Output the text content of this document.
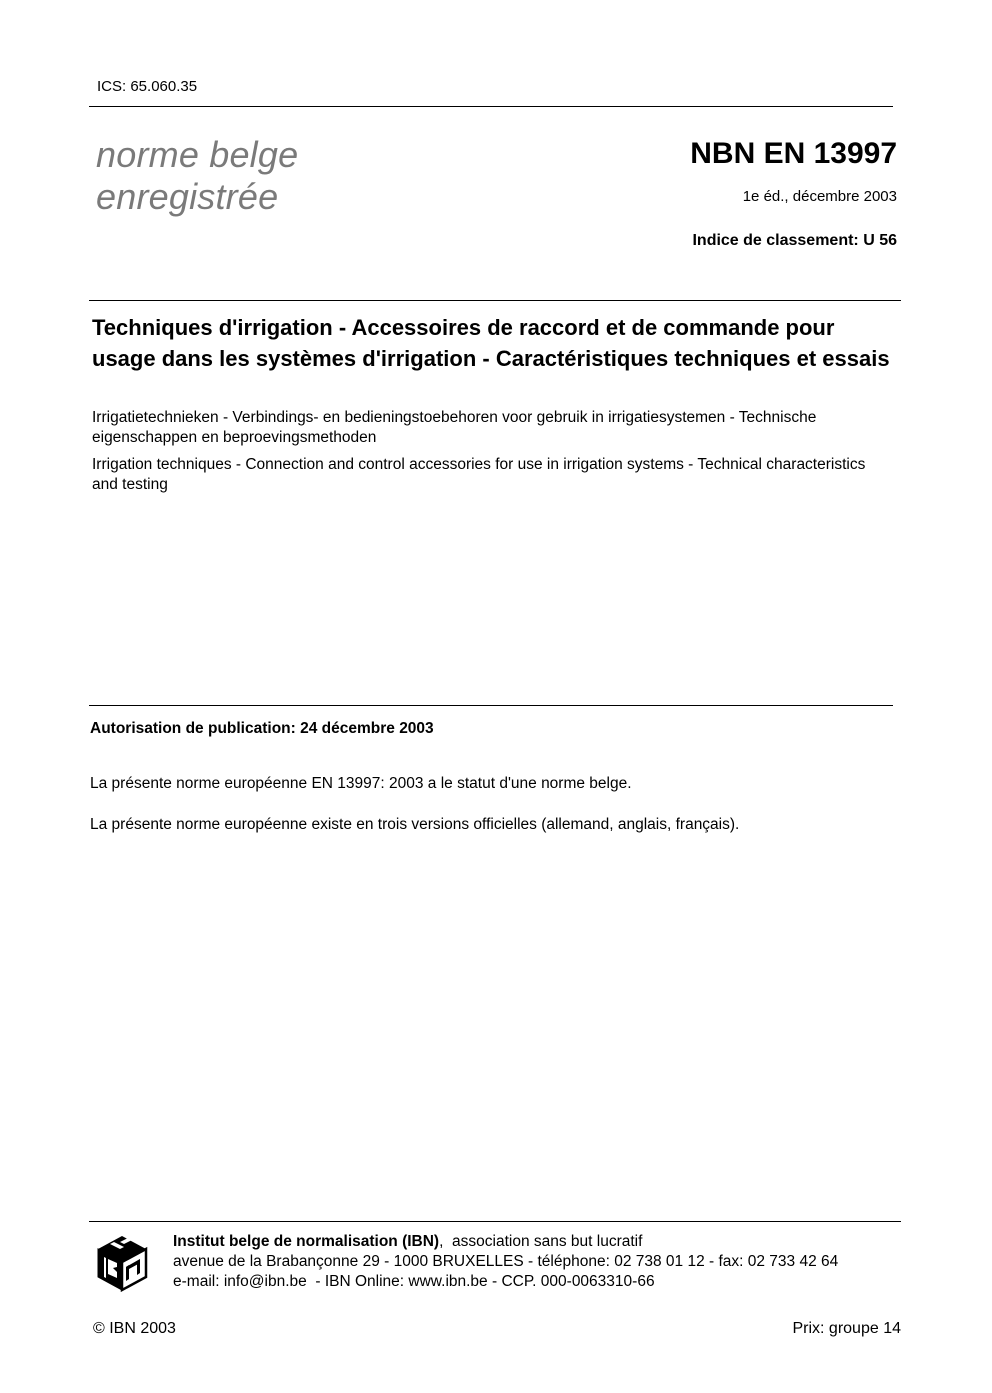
ICS: 65.060.35
norme belge
enregistrée
NBN EN 13997
1e éd., décembre 2003
Indice de classement: U 56
Techniques d'irrigation - Accessoires de raccord et de commande pour usage dans les systèmes d'irrigation - Caractéristiques techniques et essais
Irrigatietechnieken - Verbindings- en bedieningstoebehoren voor gebruik in irrigatiesystemen - Technische eigenschappen en beproevingsmethoden
Irrigation techniques - Connection and control accessories for use in irrigation systems - Technical characteristics and testing
Autorisation de publication: 24 décembre 2003
La présente norme européenne EN 13997: 2003 a le statut d'une norme belge.
La présente norme européenne existe en trois versions officielles (allemand, anglais, français).
Institut belge de normalisation (IBN),  association sans but lucratif
avenue de la Brabançonne 29 - 1000 BRUXELLES - téléphone: 02 738 01 12 - fax: 02 733 42 64
e-mail: info@ibn.be  - IBN Online: www.ibn.be - CCP. 000-0063310-66
© IBN 2003	Prix: groupe 14
